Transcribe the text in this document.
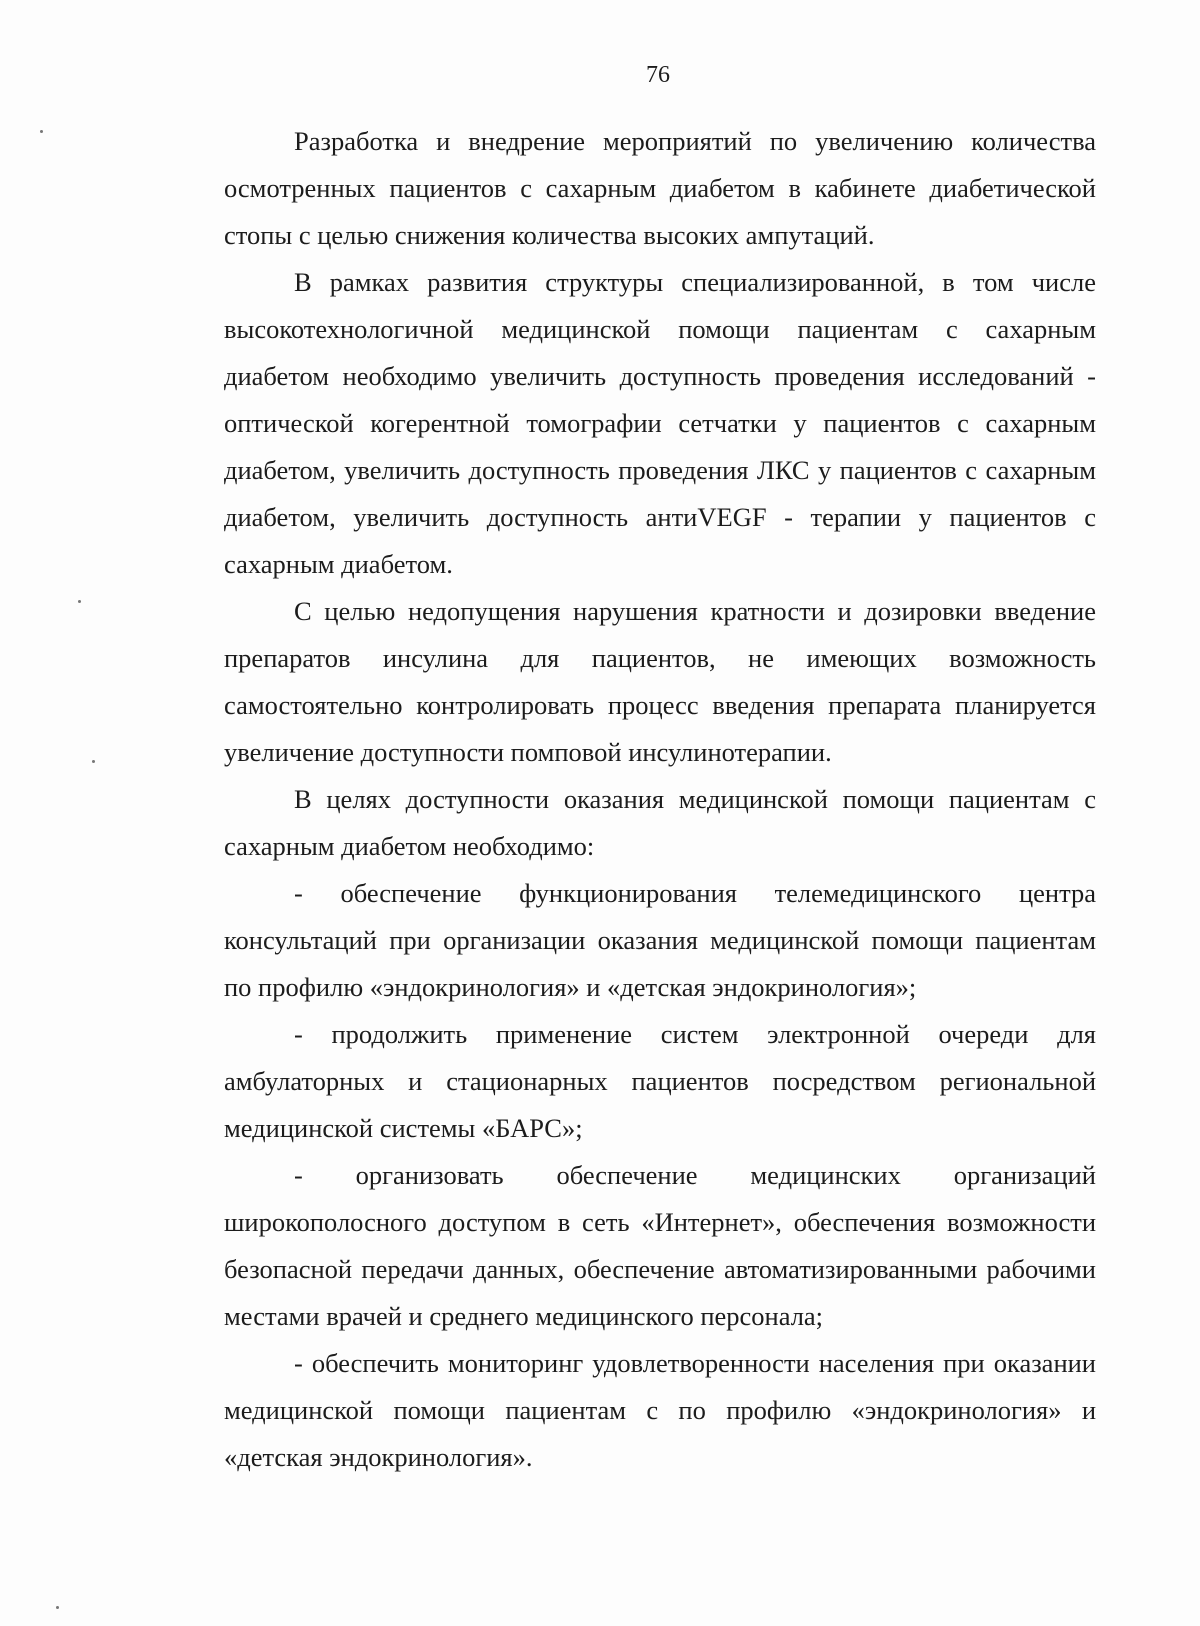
76

Разработка и внедрение мероприятий по увеличению количества осмотренных пациентов с сахарным диабетом в кабинете диабетической стопы с целью снижения количества высоких ампутаций.

В рамках развития структуры специализированной, в том числе высокотехнологичной медицинской помощи пациентам с сахарным диабетом необходимо увеличить доступность проведения исследований - оптической когерентной томографии сетчатки у пациентов с сахарным диабетом, увеличить доступность проведения ЛКС у пациентов с сахарным диабетом, увеличить доступность антиVEGF - терапии у пациентов с сахарным диабетом.

С целью недопущения нарушения кратности и дозировки введение препаратов инсулина для пациентов, не имеющих возможность самостоятельно контролировать процесс введения препарата планируется увеличение доступности помповой инсулинотерапии.

В целях доступности оказания медицинской помощи пациентам с сахарным диабетом необходимо:

- обеспечение функционирования телемедицинского центра консультаций при организации оказания медицинской помощи пациентам по профилю «эндокринология» и «детская эндокринология»;

- продолжить применение систем электронной очереди для амбулаторных и стационарных пациентов посредством региональной медицинской системы «БАРС»;

- организовать обеспечение медицинских организаций широкополосного доступом в сеть «Интернет», обеспечения возможности безопасной передачи данных, обеспечение автоматизированными рабочими местами врачей и среднего медицинского персонала;

- обеспечить мониторинг удовлетворенности населения при оказании медицинской помощи пациентам с по профилю «эндокринология» и «детская эндокринология».
